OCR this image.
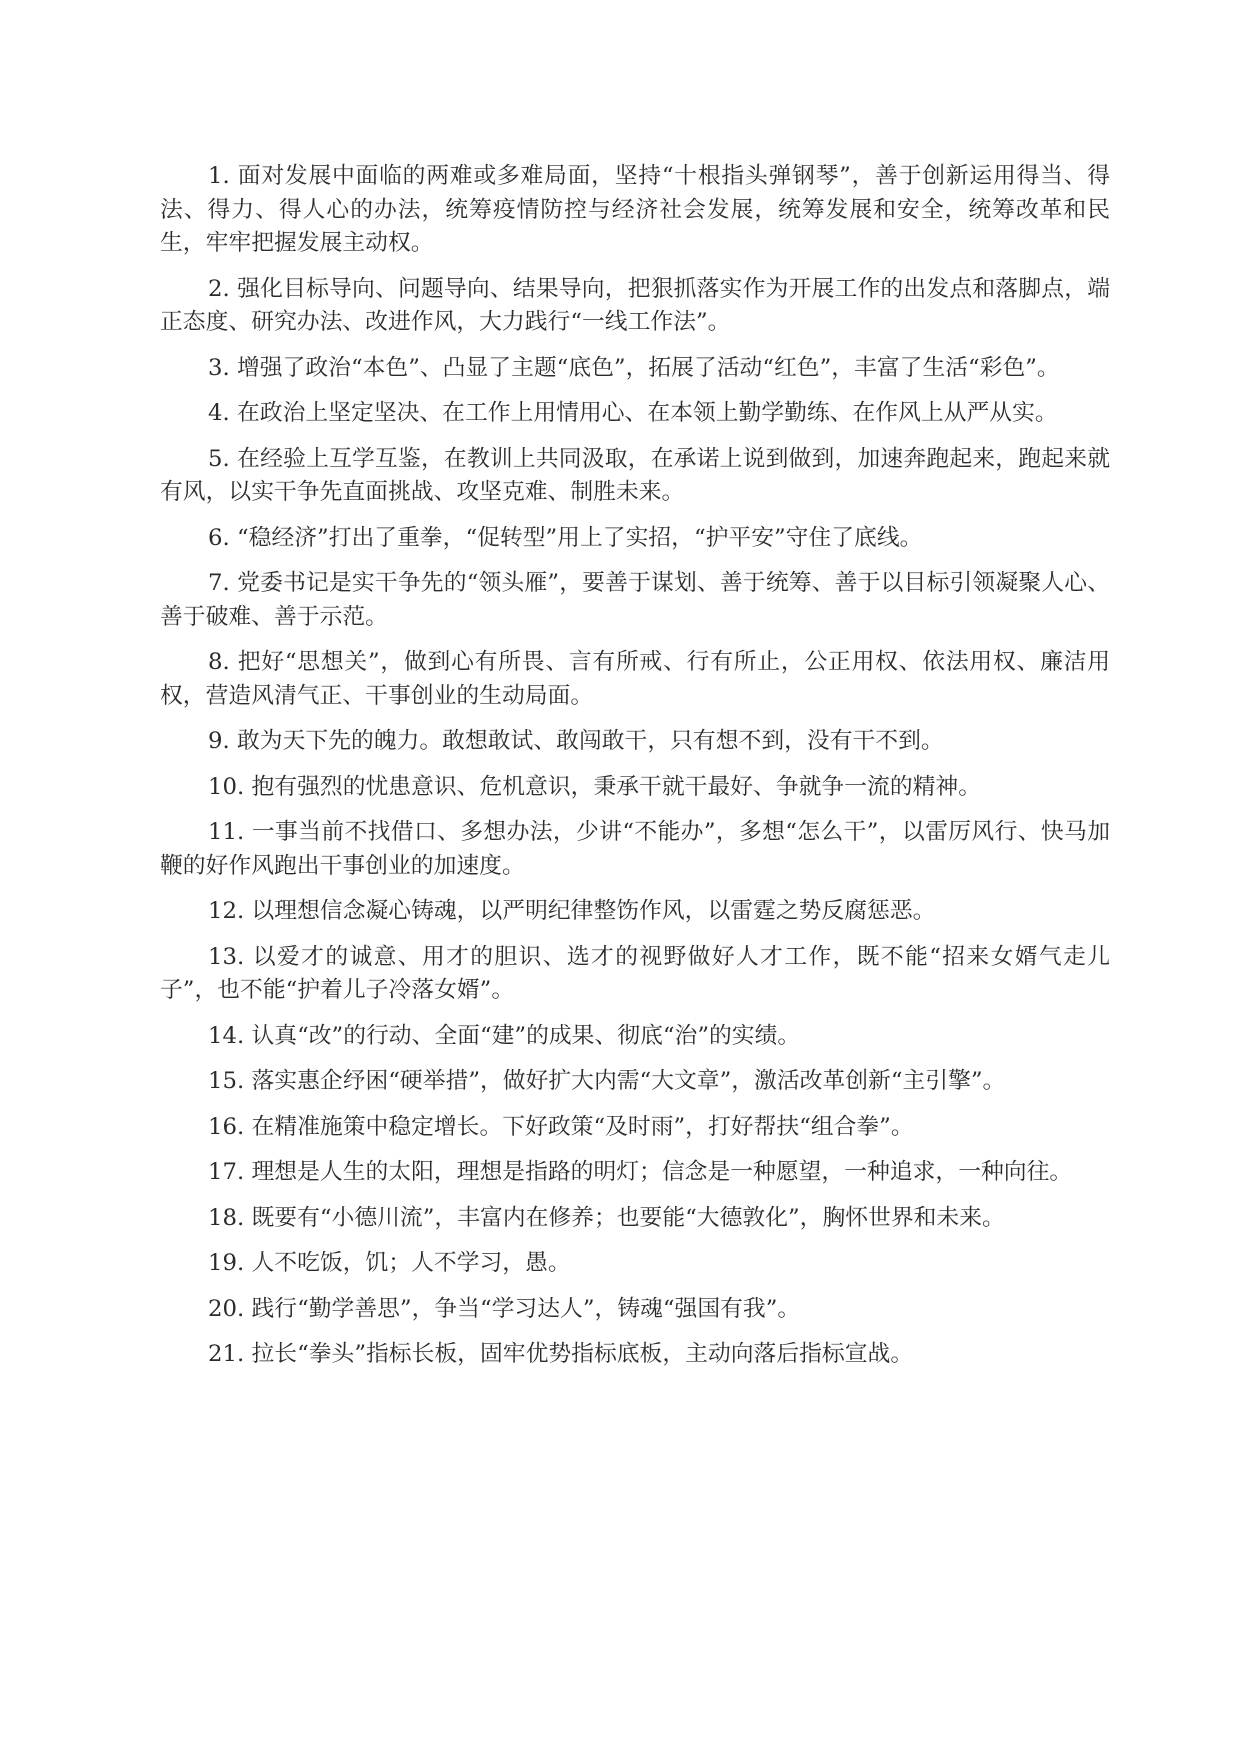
1. 面对发展中面临的两难或多难局面，坚持“十根指头弹钢琴”，善于创新运用得当、得法、得力、得人心的办法，统筹疫情防控与经济社会发展，统筹发展和安全，统筹改革和民生，牢牢把握发展主动权。

2. 强化目标导向、问题导向、结果导向，把狠抓落实作为开展工作的出发点和落脚点，端正态度、研究办法、改进作风，大力践行“一线工作法”。

3. 增强了政治“本色”、凸显了主题“底色”，拓展了活动“红色”，丰富了生活“彩色”。

4. 在政治上坚定坚决、在工作上用情用心、在本领上勤学勤练、在作风上从严从实。

5. 在经验上互学互鉴，在教训上共同汲取，在承诺上说到做到，加速奔跑起来，跑起来就有风，以实干争先直面挑战、攻坚克难、制胜未来。

6. “稳经济”打出了重拳，“促转型”用上了实招，“护平安”守住了底线。

7. 党委书记是实干争先的“领头雁”，要善于谋划、善于统筹、善于以目标引领凝聚人心、善于破难、善于示范。

8. 把好“思想关”，做到心有所畏、言有所戒、行有所止，公正用权、依法用权、廉洁用权，营造风清气正、干事创业的生动局面。

9. 敢为天下先的魄力。敢想敢试、敢闯敢干，只有想不到，没有干不到。

10. 抱有强烈的忧患意识、危机意识，秉承干就干最好、争就争一流的精神。

11. 一事当前不找借口、多想办法，少讲“不能办”，多想“怎么干”，以雷厉风行、快马加鞭的好作风跑出干事创业的加速度。

12. 以理想信念凝心铸魂，以严明纪律整饬作风，以雷霆之势反腐惩恶。

13. 以爱才的诚意、用才的胆识、选才的视野做好人才工作，既不能“招来女婿气走儿子”，也不能“护着儿子冷落女婿”。

14. 认真“改”的行动、全面“建”的成果、彻底“治”的实绩。

15. 落实惠企纾困“硬举措”，做好扩大内需“大文章”，激活改革创新“主引擎”。

16. 在精准施策中稳定增长。下好政策“及时雨”，打好帮扶“组合拳”。

17. 理想是人生的太阳，理想是指路的明灯；信念是一种愿望，一种追求，一种向往。

18. 既要有“小德川流”，丰富内在修养；也要能“大德敦化”，胸怀世界和未来。

19. 人不吃饭，饥；人不学习，愚。

20. 践行“勤学善思”，争当“学习达人”，铸魂“强国有我”。

21. 拉长“拳头”指标长板，固牢优势指标底板，主动向落后指标宣战。
